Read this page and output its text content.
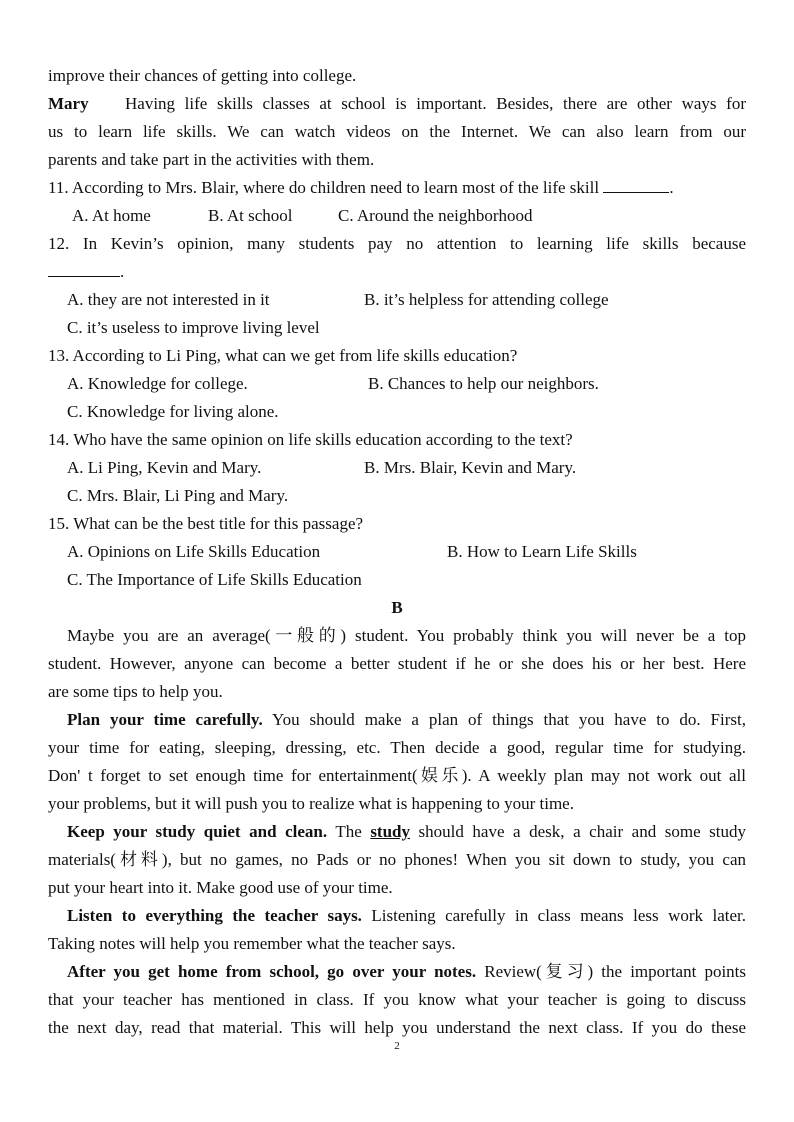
improve their chances of getting into college.
Mary Having life skills classes at school is important. Besides, there are other ways for
us to learn life skills. We can watch videos on the Internet. We can also learn from our
parents and take part in the activities with them.
11. According to Mrs. Blair, where do children need to learn most of the life skill	.
A. At home	B. At school	C. Around the neighborhood
12. In Kevin’s opinion, many students pay no attention to learning life skills because
.
A. they are not interested in it	B. it’s helpless for attending college
C. it’s useless to improve living level
13. According to Li Ping, what can we get from life skills education?
A. Knowledge for college.	B. Chances to help our neighbors.
C. Knowledge for living alone.
14. Who have the same opinion on life skills education according to the text?
A. Li Ping, Kevin and Mary.	B. Mrs. Blair, Kevin and Mary.
C. Mrs. Blair, Li Ping and Mary.
15. What can be the best title for this passage?
A. Opinions on Life Skills Education	B. How to Learn Life Skills
C. The Importance of Life Skills Education
B
Maybe you are an average(一般的) student. You probably think you will never be a top
student. However, anyone can become a better student if he or she does his or her best. Here
are some tips to help you.
Plan your time carefully. You should make a plan of things that you have to do. First,
your time for eating, sleeping, dressing, etc. Then decide a good, regular time for studying.
Don' t forget to set enough time for entertainment(娱乐). A weekly plan may not work out all
your problems, but it will push you to realize what is happening to your time.
Keep your study quiet and clean. The study should have a desk, a chair and some study
materials(材料), but no games, no Pads or no phones! When you sit down to study, you can
put your heart into it. Make good use of your time.
Listen to everything the teacher says. Listening carefully in class means less work later.
Taking notes will help you remember what the teacher says.
After you get home from school, go over your notes. Review(复习) the important points
that your teacher has mentioned in class. If you know what your teacher is going to discuss
the next day, read that material. This will help you understand the next class. If you do these
2
